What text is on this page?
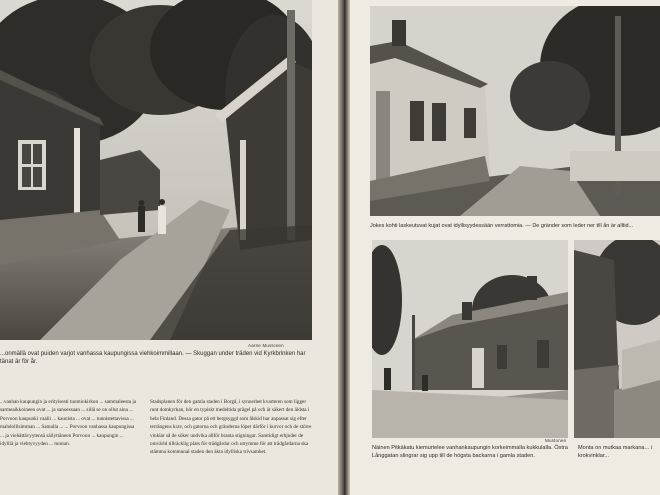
Aarne Mustonen
...onmällä ovat puiden varjot vanhassa kaupungissa viehkoimmillaan. — Skuggan under träden vid Kyrkbrinken har tänat är för år.
...vanhan kaupungin ja erityisesti tuomiokirkon ... sammaleesta ja sarmeaikkoineen ovat ... ja sanoessaan ... sillä se on ollut aina ... Porvoon kaupunki vaalii ... kaunista ... ovat ... tunnistettavissa ... mahdollisimman ... Samalla ... ... Porvoon vanhassa kaupungissa ... ja viehättävyytensä säilyttäneen Porvoon ... kaupungin ... idylliä ja viehtyvyyden ... tunnun.
Stadsplanen för den gamla staden i Borgå, i synnerhet kvarteren som ligger runt domkyrkan, hör en typiskt medeltida prägel på och är säkert den äldsta i hela Finland. Dessa gator på ett bergsyggd som ålskid har anpassat sig efter terrängens krav, och gatorna och gränderna löper därför i kurvor och de större vinklar så de söker undvika allför branta stigningar. Samtidigt erbjuder de omvärld tillräcklig plats för trädgårdar och utrymme för att trädgårdarna ska stämma kommunal staden den äkta idylliska trivsamhet.
Jokes kohti laskeutuvat kujat ovat idyllisyydessään verrattomia. — De gränder som leder ner till ån är alltid...
Mustonen
Näinen Pitkäkatu kiemurtelee vanhankaupungin korkeimmalla kukkulalla. Östra Långgatan slingrar sig upp till de högsta backarna i gamla staden.
Monta on mutkaa markana... i krokvinklar...
